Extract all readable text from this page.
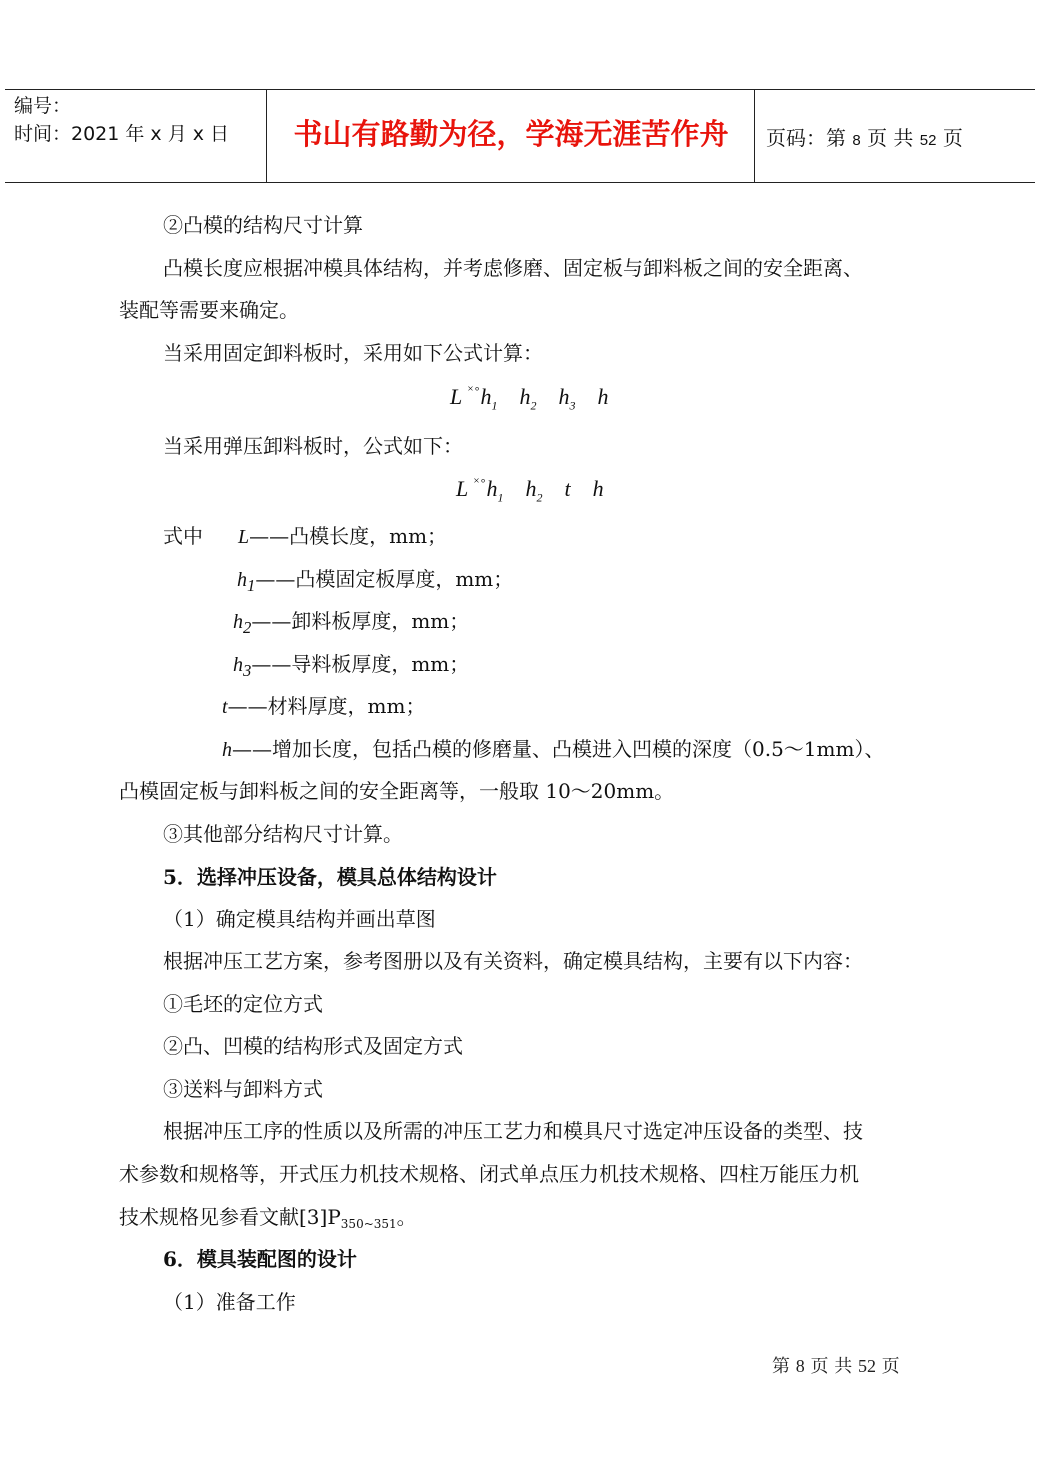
编号：
时间：2021 年 x 月 x 日	书山有路勤为径，学海无涯苦作舟	页码：第 8 页 共 52 页
②凸模的结构尺寸计算
凸模长度应根据冲模具体结构，并考虑修磨、固定板与卸料板之间的安全距离、
装配等需要来确定。
当采用固定卸料板时，采用如下公式计算：
L $^{\times\circ}h_1$ $h_2$ $h_3$ h
当采用弹压卸料板时，公式如下：
L $^{\times\circ}h_1$ $h_2$ t h
式中 L——凸模长度，mm；
$h_1——$凸模固定板厚度，mm；
$h_2——$卸料板厚度，mm；
$h_3——$导料板厚度，mm；
t——材料厚度，mm；
h——增加长度，包括凸模的修磨量、凸模进入凹模的深度（0.5～1mm）、
凸模固定板与卸料板之间的安全距离等，一般取 10～20mm。
③其他部分结构尺寸计算。
5．选择冲压设备，模具总体结构设计
（1）确定模具结构并画出草图
根据冲压工艺方案，参考图册以及有关资料，确定模具结构，主要有以下内容：
①毛坯的定位方式
②凸、凹模的结构形式及固定方式
③送料与卸料方式
根据冲压工序的性质以及所需的冲压工艺力和模具尺寸选定冲压设备的类型、技
术参数和规格等，开式压力机技术规格、闭式单点压力机技术规格、四柱万能压力机
技术规格见参看文献$[3]P_{350\sim 351}$。
6．模具装配图的设计
（1）准备工作
第 8 页 共 52 页
